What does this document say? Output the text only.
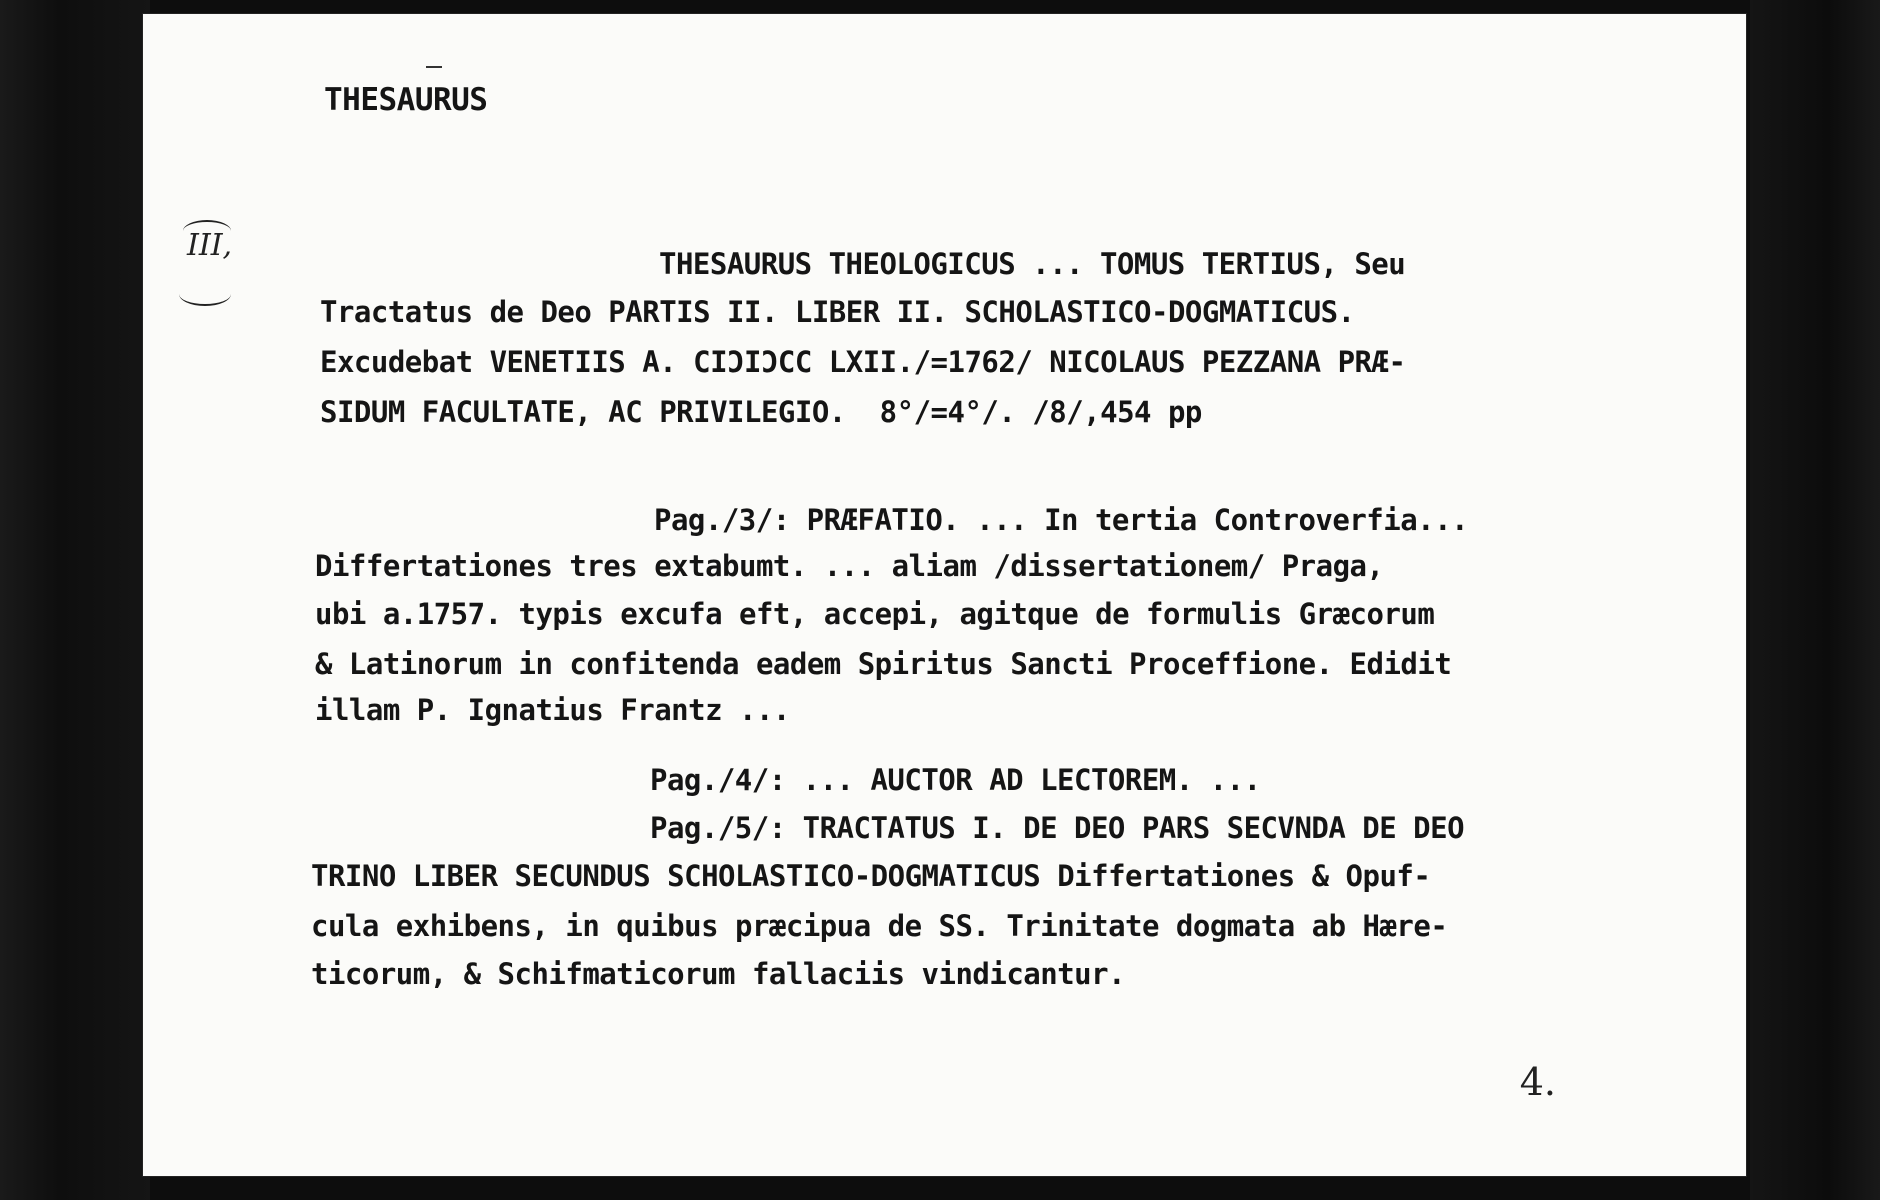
THESAURUS
III,
THESAURUS THEOLOGICUS ... TOMUS TERTIUS, Seu
Tractatus de Deo PARTIS II. LIBER II. SCHOLASTICO-DOGMATICUS.
Excudebat VENETIIS A. CIƆIƆCC LXII./=1762/ NICOLAUS PEZZANA PRÆ-
SIDUM FACULTATE, AC PRIVILEGIO.  8°/=4°/. /8/,454 pp
Pag./3/: PRÆFATIO. ... In tertia Controverfia...
Differtationes tres extabumt. ... aliam /dissertationem/ Praga,
ubi a.1757. typis excufa eft, accepi, agitque de formulis Græcorum
& Latinorum in confitenda eadem Spiritus Sancti Proceffione. Edidit
illam P. Ignatius Frantz ...
Pag./4/: ... AUCTOR AD LECTOREM. ...
Pag./5/: TRACTATUS I. DE DEO PARS SECVNDA DE DEO
TRINO LIBER SECUNDUS SCHOLASTICO-DOGMATICUS Differtationes & Opuf-
cula exhibens, in quibus præcipua de SS. Trinitate dogmata ab Hære-
ticorum, & Schifmaticorum fallaciis vindicantur.
4.
